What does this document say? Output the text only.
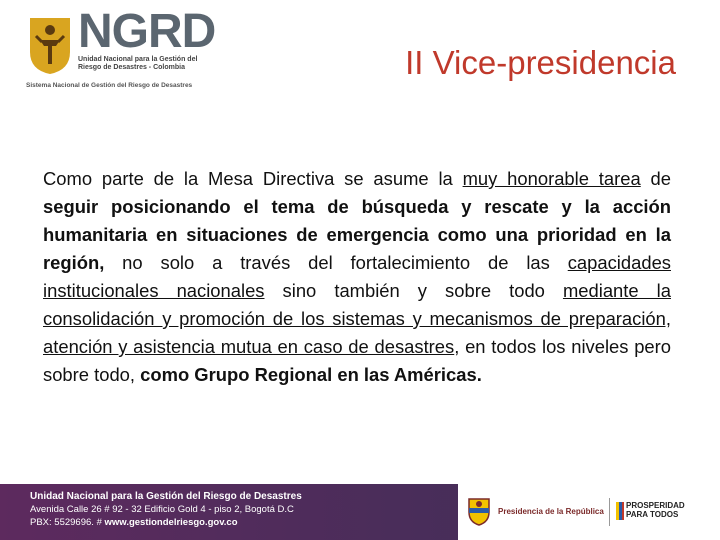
NGRD
Unidad Nacional para la Gestión del
Riesgo de Desastres - Colombia
Sistema Nacional de Gestión del Riesgo de Desastres
II Vice-presidencia
Como parte de la Mesa Directiva se asume la muy honorable tarea de seguir posicionando el tema de búsqueda y rescate y la acción humanitaria en situaciones de emergencia como una prioridad en la región, no solo a través del fortalecimiento de las capacidades institucionales nacionales sino también y sobre todo mediante la consolidación y promoción de los sistemas y mecanismos de preparación, atención y asistencia mutua en caso de desastres, en todos los niveles pero sobre todo, como Grupo Regional en las Américas.
Unidad Nacional para la Gestión del Riesgo de Desastres
Avenida Calle 26 # 92 - 32 Edificio Gold 4 - piso 2, Bogotá D.C
PBX: 5529696. # www.gestiondelriesgo.gov.co
Presidencia de la República
PROSPERIDAD
PARA TODOS
